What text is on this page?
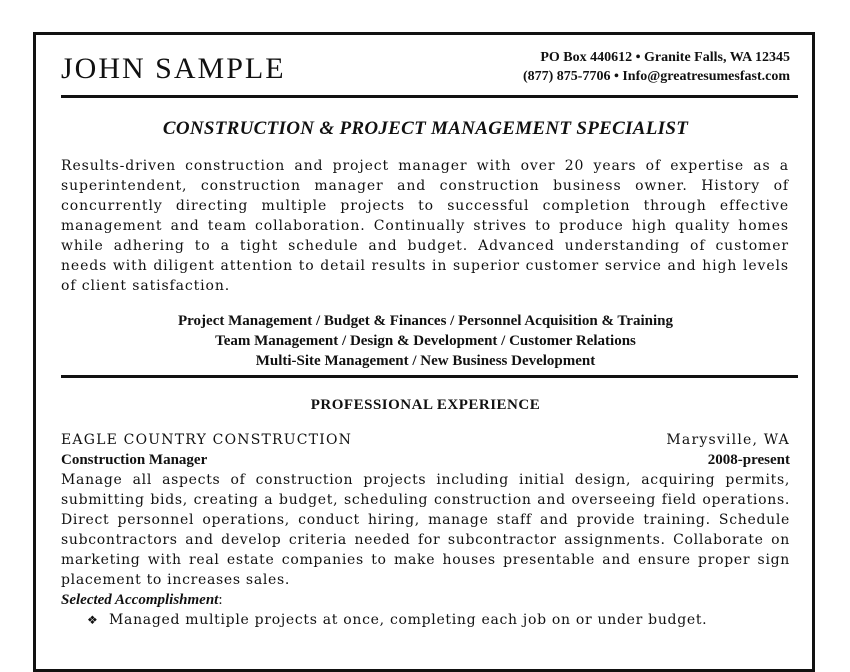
JOHN SAMPLE	PO Box 440612 • Granite Falls, WA 12345
(877) 875-7706 • Info@greatresumesfast.com
CONSTRUCTION & PROJECT MANAGEMENT SPECIALIST

Results-driven construction and project manager with over 20 years of expertise as a superintendent, construction manager and construction business owner. History of concurrently directing multiple projects to successful completion through effective management and team collaboration. Continually strives to produce high quality homes while adhering to a tight schedule and budget. Advanced understanding of customer needs with diligent attention to detail results in superior customer service and high levels of client satisfaction.

Project Management / Budget & Finances / Personnel Acquisition & Training
Team Management / Design & Development / Customer Relations
Multi-Site Management / New Business Development
PROFESSIONAL EXPERIENCE
EAGLE COUNTRY CONSTRUCTION	Marysville, WA
Construction Manager	2008-present

Manage all aspects of construction projects including initial design, acquiring permits, submitting bids, creating a budget, scheduling construction and overseeing field operations. Direct personnel operations, conduct hiring, manage staff and provide training. Schedule subcontractors and develop criteria needed for subcontractor assignments. Collaborate on marketing with real estate companies to make houses presentable and ensure proper sign placement to increases sales.

Selected Accomplishment:
❖ Managed multiple projects at once, completing each job on or under budget.
